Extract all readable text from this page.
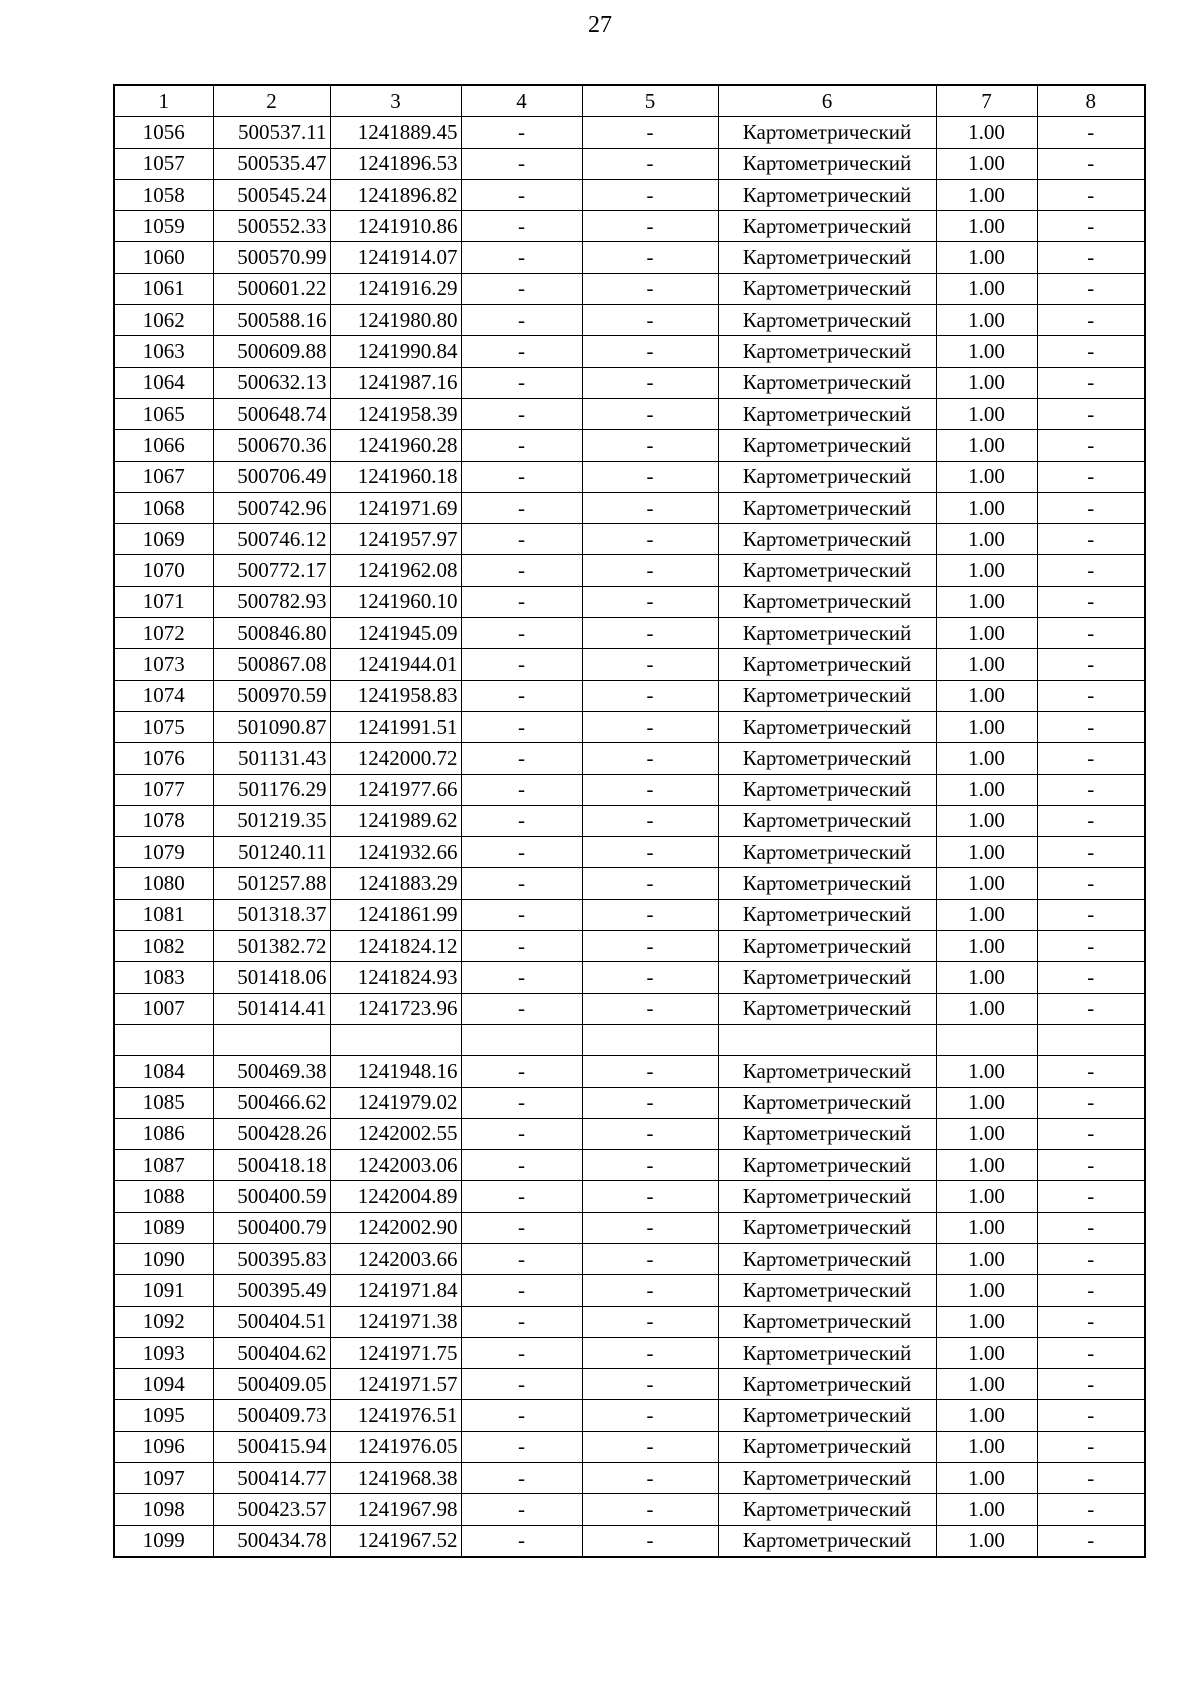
27
1	2	3	4	5	6	7	8
1056	500537.11	1241889.45	-	-	Картометрический	1.00	-
1057	500535.47	1241896.53	-	-	Картометрический	1.00	-
1058	500545.24	1241896.82	-	-	Картометрический	1.00	-
1059	500552.33	1241910.86	-	-	Картометрический	1.00	-
1060	500570.99	1241914.07	-	-	Картометрический	1.00	-
1061	500601.22	1241916.29	-	-	Картометрический	1.00	-
1062	500588.16	1241980.80	-	-	Картометрический	1.00	-
1063	500609.88	1241990.84	-	-	Картометрический	1.00	-
1064	500632.13	1241987.16	-	-	Картометрический	1.00	-
1065	500648.74	1241958.39	-	-	Картометрический	1.00	-
1066	500670.36	1241960.28	-	-	Картометрический	1.00	-
1067	500706.49	1241960.18	-	-	Картометрический	1.00	-
1068	500742.96	1241971.69	-	-	Картометрический	1.00	-
1069	500746.12	1241957.97	-	-	Картометрический	1.00	-
1070	500772.17	1241962.08	-	-	Картометрический	1.00	-
1071	500782.93	1241960.10	-	-	Картометрический	1.00	-
1072	500846.80	1241945.09	-	-	Картометрический	1.00	-
1073	500867.08	1241944.01	-	-	Картометрический	1.00	-
1074	500970.59	1241958.83	-	-	Картометрический	1.00	-
1075	501090.87	1241991.51	-	-	Картометрический	1.00	-
1076	501131.43	1242000.72	-	-	Картометрический	1.00	-
1077	501176.29	1241977.66	-	-	Картометрический	1.00	-
1078	501219.35	1241989.62	-	-	Картометрический	1.00	-
1079	501240.11	1241932.66	-	-	Картометрический	1.00	-
1080	501257.88	1241883.29	-	-	Картометрический	1.00	-
1081	501318.37	1241861.99	-	-	Картометрический	1.00	-
1082	501382.72	1241824.12	-	-	Картометрический	1.00	-
1083	501418.06	1241824.93	-	-	Картометрический	1.00	-
1007	501414.41	1241723.96	-	-	Картометрический	1.00	-

1084	500469.38	1241948.16	-	-	Картометрический	1.00	-
1085	500466.62	1241979.02	-	-	Картометрический	1.00	-
1086	500428.26	1242002.55	-	-	Картометрический	1.00	-
1087	500418.18	1242003.06	-	-	Картометрический	1.00	-
1088	500400.59	1242004.89	-	-	Картометрический	1.00	-
1089	500400.79	1242002.90	-	-	Картометрический	1.00	-
1090	500395.83	1242003.66	-	-	Картометрический	1.00	-
1091	500395.49	1241971.84	-	-	Картометрический	1.00	-
1092	500404.51	1241971.38	-	-	Картометрический	1.00	-
1093	500404.62	1241971.75	-	-	Картометрический	1.00	-
1094	500409.05	1241971.57	-	-	Картометрический	1.00	-
1095	500409.73	1241976.51	-	-	Картометрический	1.00	-
1096	500415.94	1241976.05	-	-	Картометрический	1.00	-
1097	500414.77	1241968.38	-	-	Картометрический	1.00	-
1098	500423.57	1241967.98	-	-	Картометрический	1.00	-
1099	500434.78	1241967.52	-	-	Картометрический	1.00	-
